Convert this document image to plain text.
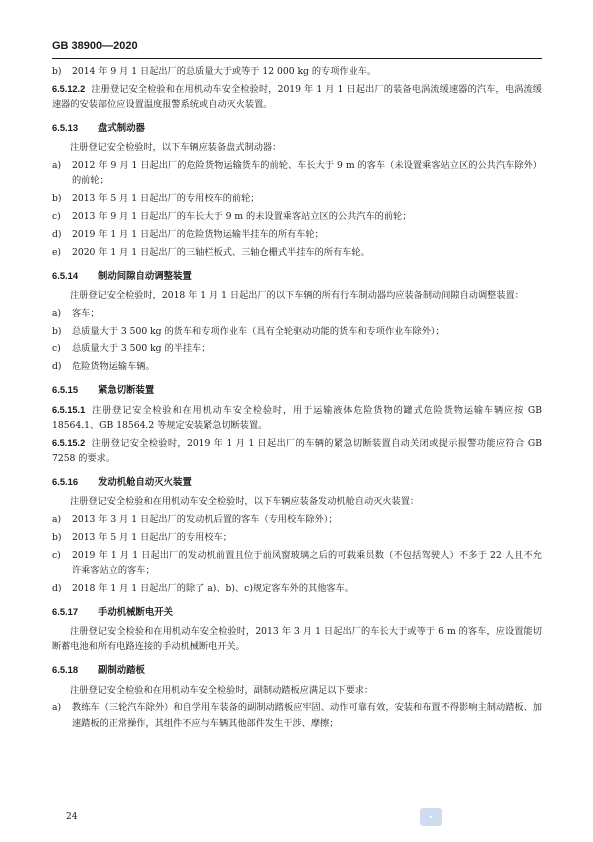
GB 38900—2020
b)	2014 年 9 月 1 日起出厂的总质量大于或等于 12 000 kg 的专项作业车。

6.5.12.2 注册登记安全检验和在用机动车安全检验时，2019 年 1 月 1 日起出厂的装备电涡流缓速器的汽车，电涡流缓速器的安装部位应设置温度报警系统或自动灭火装置。

6.5.13 盘式制动器

注册登记安全检验时，以下车辆应装备盘式制动器：

a)	2012 年 9 月 1 日起出厂的危险货物运输货车的前轮、车长大于 9 m 的客车（未设置乘客站立区的公共汽车除外）的前轮；
b)	2013 年 5 月 1 日起出厂的专用校车的前轮；
c)	2013 年 9 月 1 日起出厂的车长大于 9 m 的未设置乘客站立区的公共汽车的前轮；
d)	2019 年 1 月 1 日起出厂的危险货物运输半挂车的所有车轮；
e)	2020 年 1 月 1 日起出厂的三轴栏板式、三轴仓栅式半挂车的所有车轮。
6.5.14 制动间隙自动调整装置

注册登记安全检验时，2018 年 1 月 1 日起出厂的以下车辆的所有行车制动器均应装备制动间隙自动调整装置：

a)	客车；
b)	总质量大于 3 500 kg 的货车和专项作业车（具有全轮驱动功能的货车和专项作业车除外）；
c)	总质量大于 3 500 kg 的半挂车；
d)	危险货物运输车辆。
6.5.15 紧急切断装置

6.5.15.1 注册登记安全检验和在用机动车安全检验时，用于运输液体危险货物的罐式危险货物运输车辆应按 GB 18564.1、GB 18564.2 等规定安装紧急切断装置。

6.5.15.2 注册登记安全检验时，2019 年 1 月 1 日起出厂的车辆的紧急切断装置自动关闭或提示报警功能应符合 GB 7258 的要求。

6.5.16 发动机舱自动灭火装置

注册登记安全检验和在用机动车安全检验时，以下车辆应装备发动机舱自动灭火装置：

a)	2013 年 3 月 1 日起出厂的发动机后置的客车（专用校车除外）；
b)	2013 年 5 月 1 日起出厂的专用校车；
c)	2019 年 1 月 1 日起出厂的发动机前置且位于前风窗玻璃之后的可载乘员数（不包括驾驶人）不多于 22 人且不允许乘客站立的客车；
d)	2018 年 1 月 1 日起出厂的除了 a)、b)、c)规定客车外的其他客车。
6.5.17 手动机械断电开关

注册登记安全检验和在用机动车安全检验时，2013 年 3 月 1 日起出厂的车长大于或等于 6 m 的客车，应设置能切断蓄电池和所有电路连接的手动机械断电开关。

6.5.18 副制动踏板

注册登记安全检验和在用机动车安全检验时，副制动踏板应满足以下要求：

a)	教练车（三轮汽车除外）和自学用车装备的副制动踏板应牢固、动作可靠有效，安装和布置不得影响主制动踏板、加速踏板的正常操作，其组件不应与车辆其他部件发生干涉、摩擦；
24	✦
